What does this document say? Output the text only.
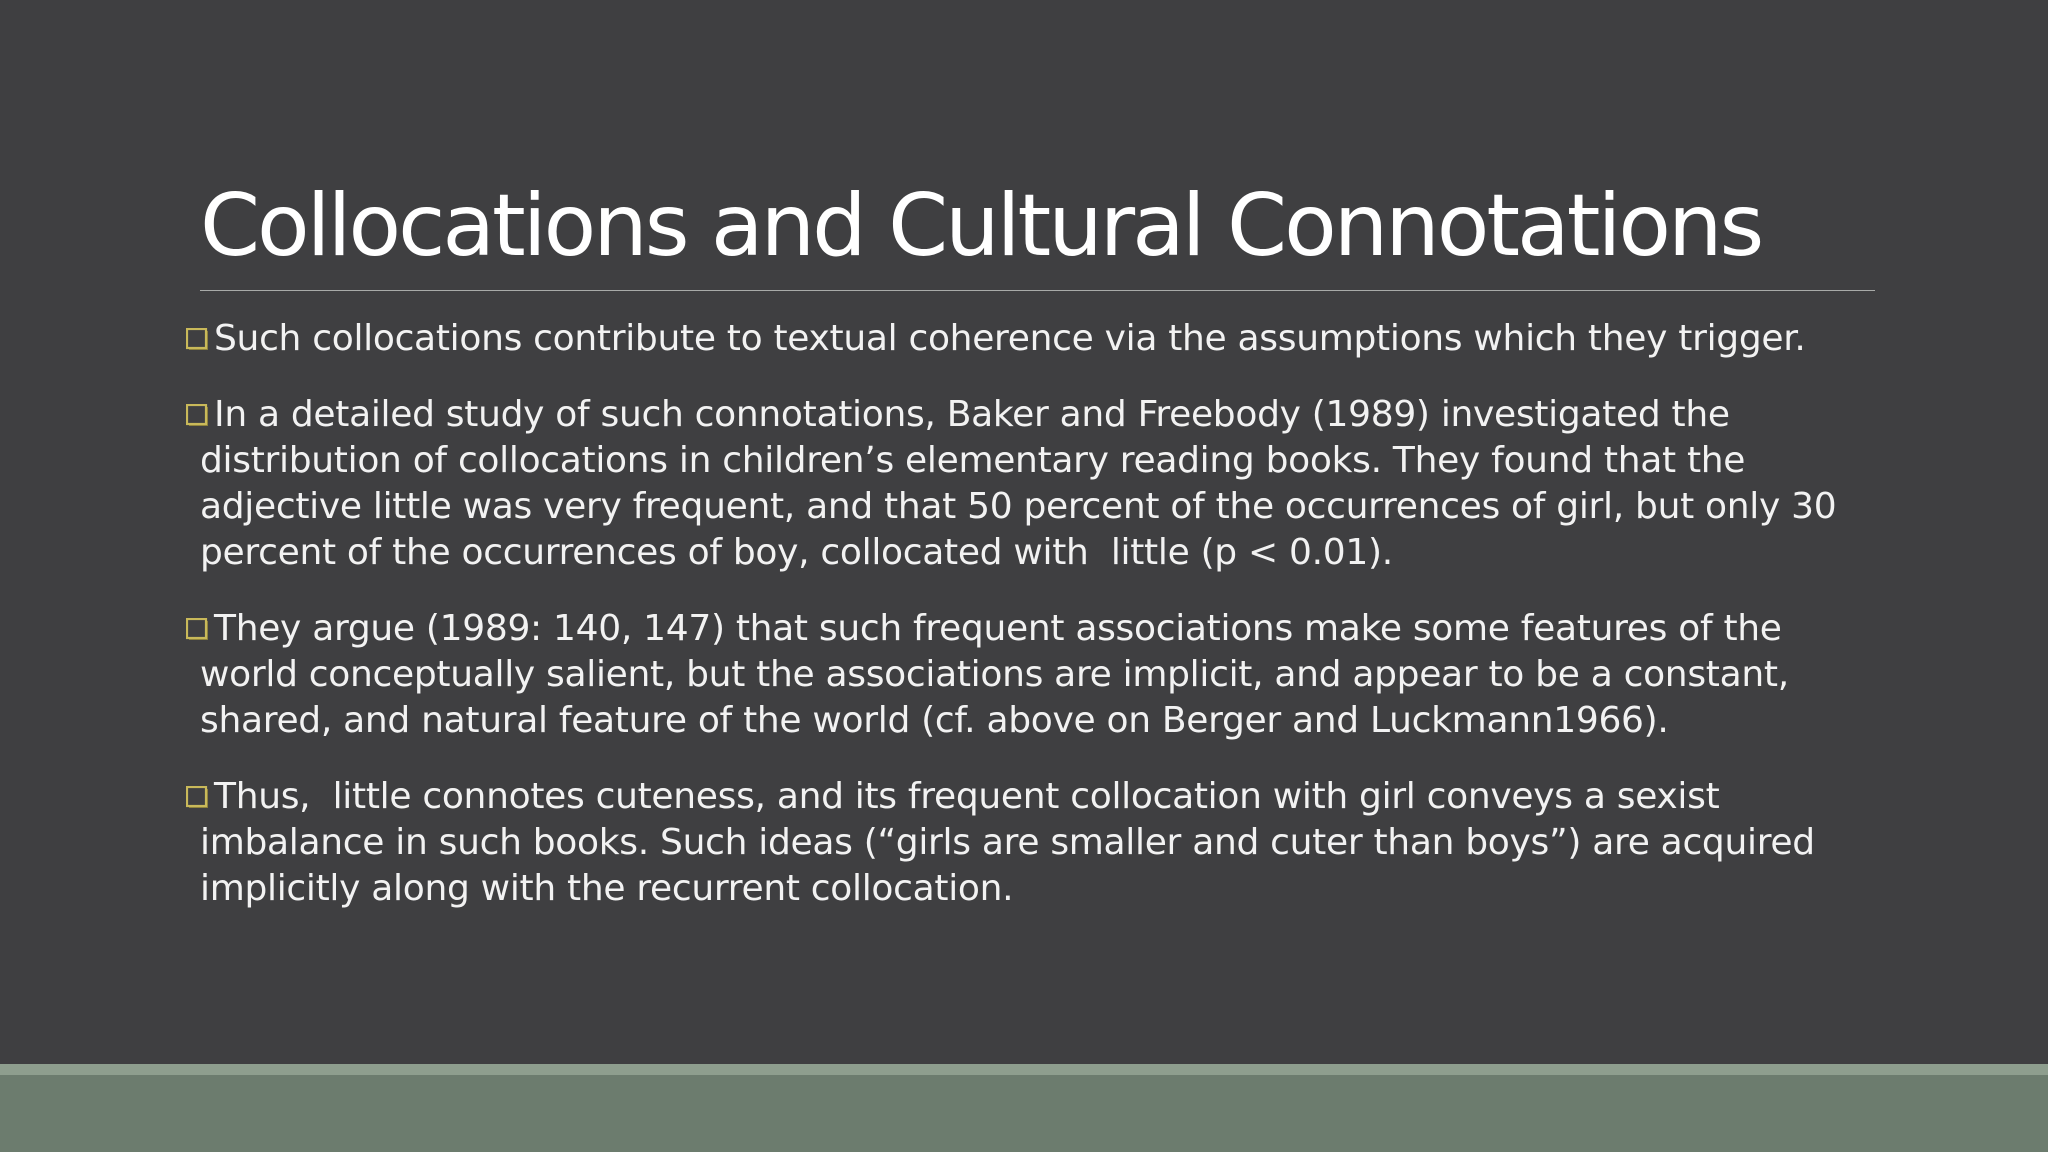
Collocations and Cultural Connotations
Such collocations contribute to textual coherence via the assumptions which they trigger.
In a detailed study of such connotations, Baker and Freebody (1989) investigated the distribution of collocations in children’s elementary reading books. They found that the adjective little was very frequent, and that 50 percent of the occurrences of girl, but only 30 percent of the occurrences of boy, collocated with  little (p < 0.01).
They argue (1989: 140, 147) that such frequent associations make some features of the world conceptually salient, but the associations are implicit, and appear to be a constant, shared, and natural feature of the world (cf. above on Berger and Luckmann1966).
Thus,  little connotes cuteness, and its frequent collocation with girl conveys a sexist imbalance in such books. Such ideas (“girls are smaller and cuter than boys”) are acquired implicitly along with the recurrent collocation.
